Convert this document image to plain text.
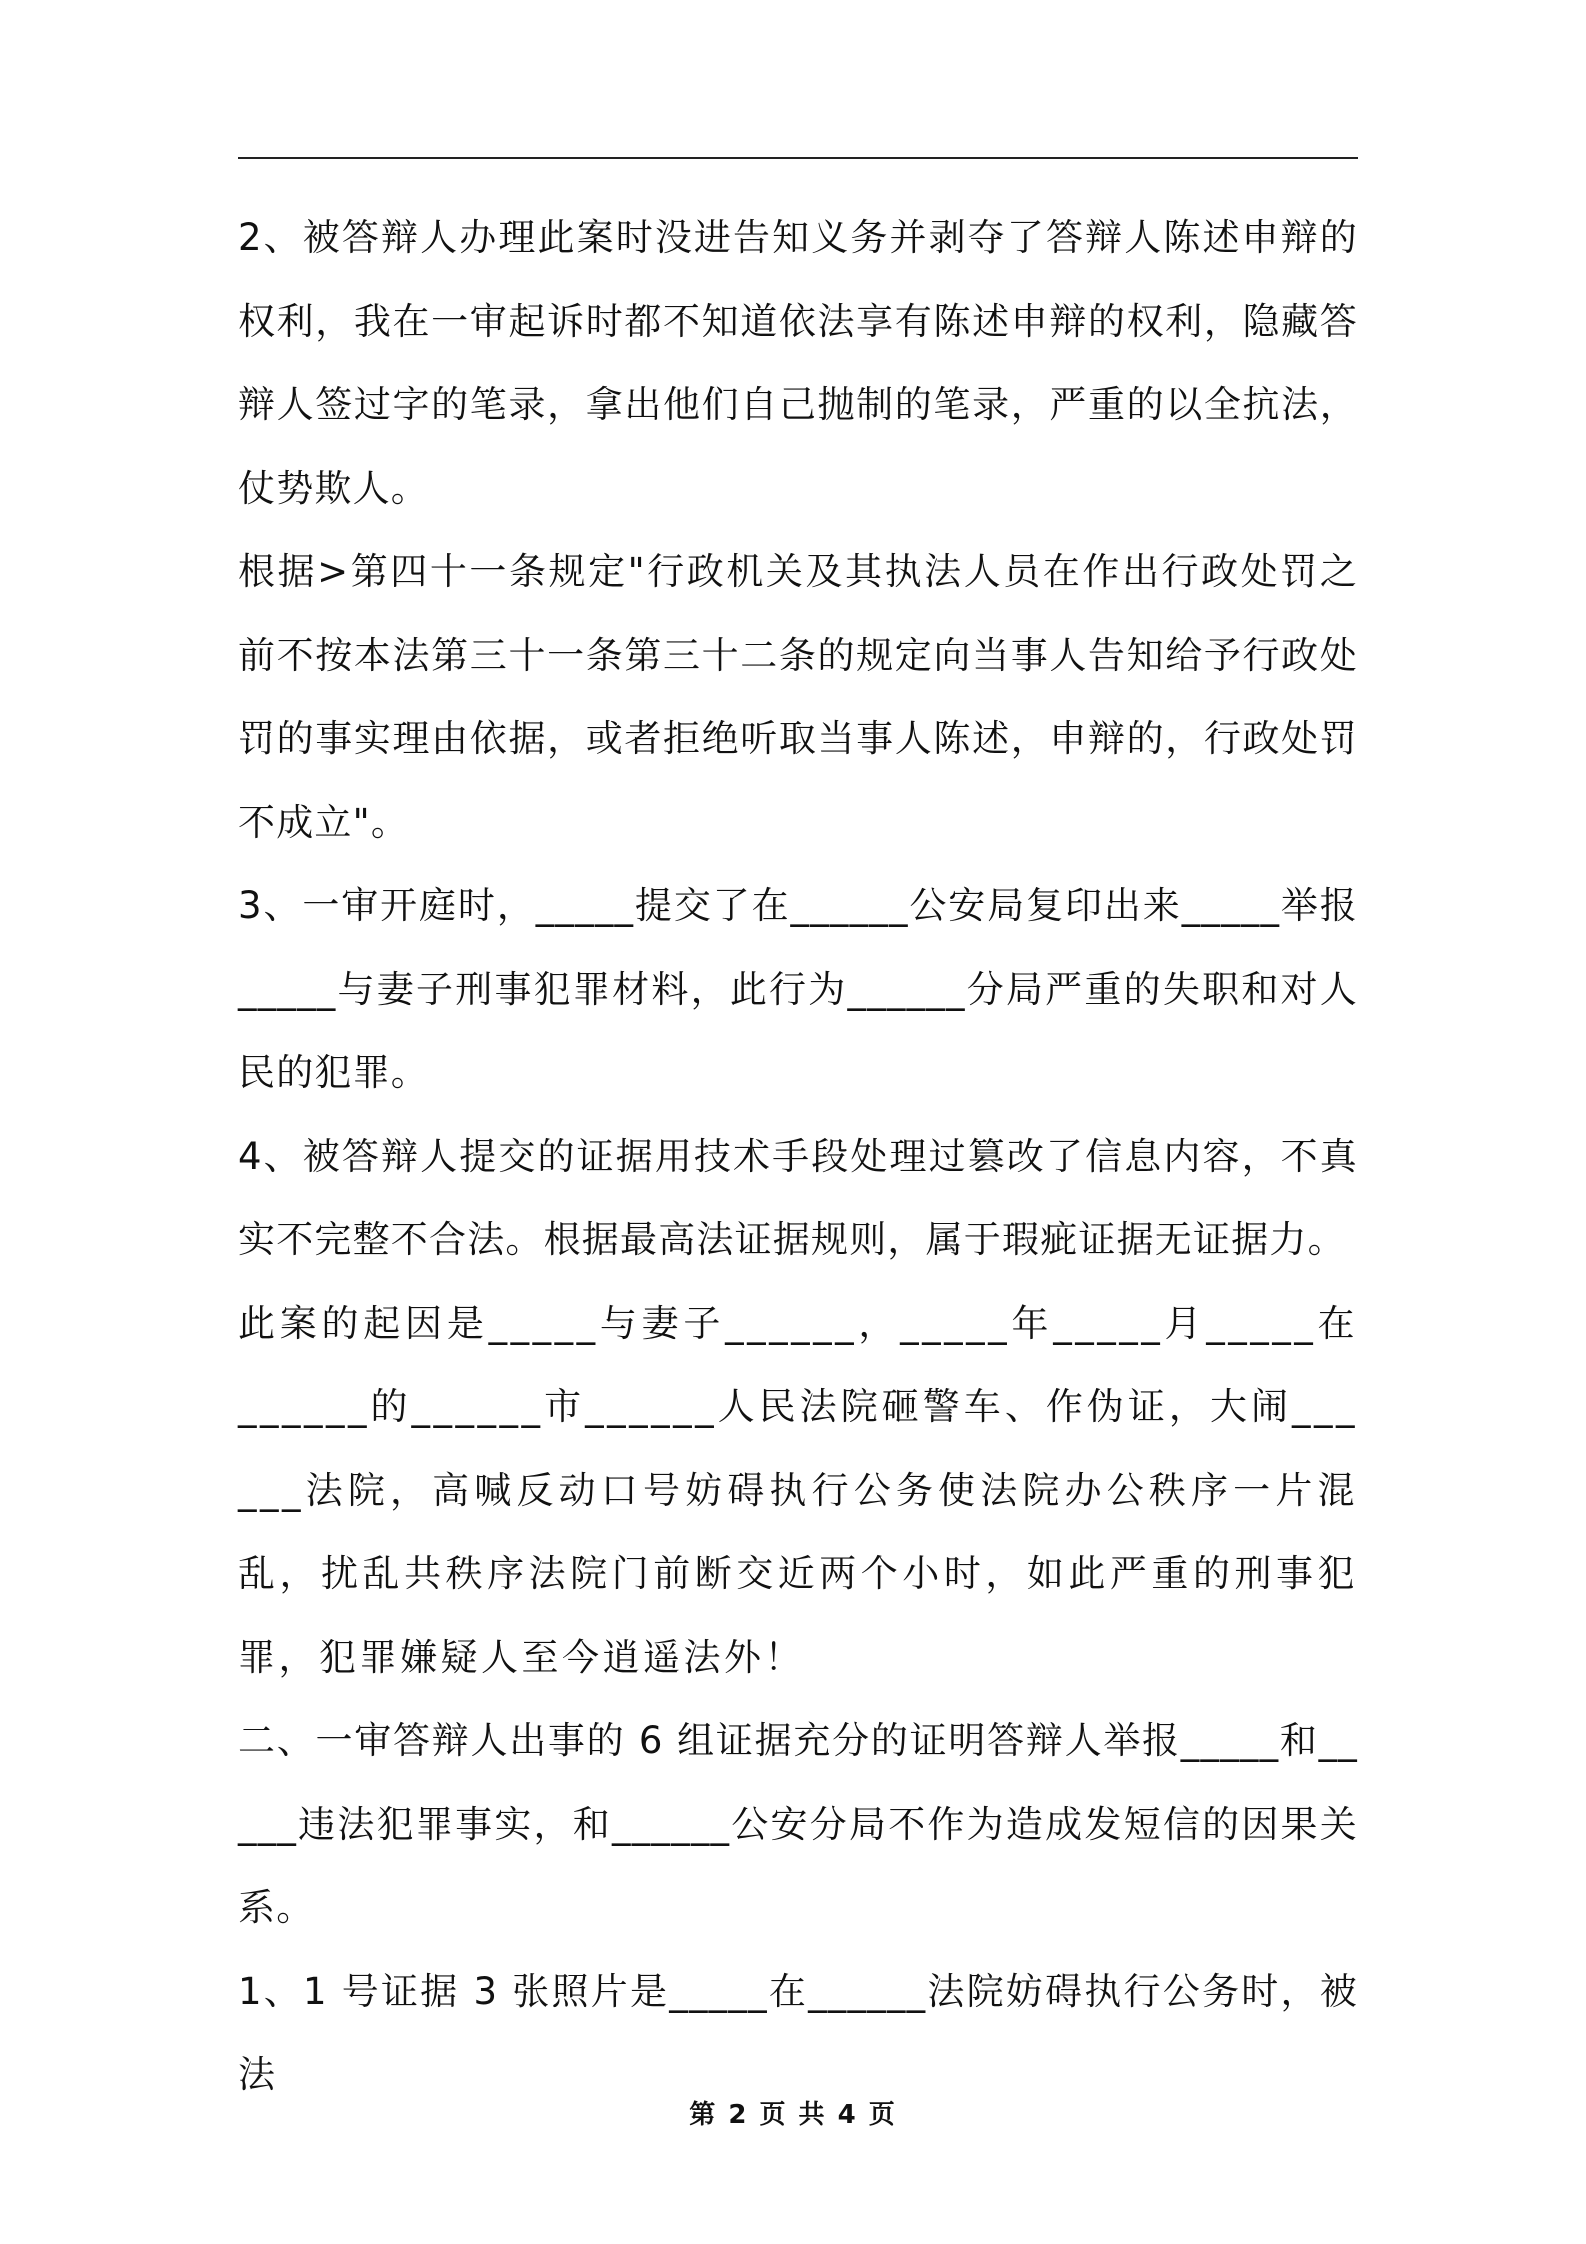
2、被答辩人办理此案时没进告知义务并剥夺了答辩人陈述申辩的权利，我在一审起诉时都不知道依法享有陈述申辩的权利，隐藏答辩人签过字的笔录，拿出他们自己抛制的笔录，严重的以全抗法，仗势欺人。

根据>第四十一条规定"行政机关及其执法人员在作出行政处罚之前不按本法第三十一条第三十二条的规定向当事人告知给予行政处罚的事实理由依据，或者拒绝听取当事人陈述，申辩的，行政处罚不成立"。

3、一审开庭时，_____提交了在______公安局复印出来_____举报_____与妻子刑事犯罪材料，此行为______分局严重的失职和对人民的犯罪。

4、被答辩人提交的证据用技术手段处理过篡改了信息内容，不真实不完整不合法。根据最高法证据规则，属于瑕疵证据无证据力。

此案的起因是_____与妻子______，_____年_____月_____在______的______市______人民法院砸警车、作伪证，大闹______法院，高喊反动口号妨碍执行公务使法院办公秩序一片混乱，扰乱共秩序法院门前断交近两个小时，如此严重的刑事犯罪，犯罪嫌疑人至今逍遥法外！

二、一审答辩人出事的 6 组证据充分的证明答辩人举报_____和_____违法犯罪事实，和______公安分局不作为造成发短信的因果关系。

1、1 号证据 3 张照片是_____在______法院妨碍执行公务时，被法

第 2 页 共 4 页
